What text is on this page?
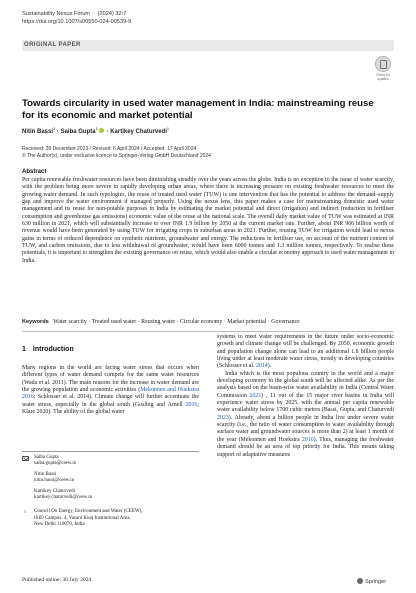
Sustainability Nexus Forum (2024) 32:7
https://doi.org/10.1007/s00550-024-00539-9
ORIGINAL PAPER
Check for updates
Towards circularity in used water management in India: mainstreaming reuse for its economic and market potential
Nitin Bassi$^1$ · Saiba Gupta$^1$ · Kartikey Chaturvedi$^1$
Received: 28 December 2023 / Revised: 6 April 2024 / Accepted: 17 April 2024
© The Author(s), under exclusive licence to Springer-Verlag GmbH Deutschland 2024
Abstract
Per capita renewable freshwater resources have been diminishing steadily over the years across the globe. India is no exception to the issue of water scarcity, with the problem being more severe in rapidly developing urban areas, where there is increasing pressure on existing freshwater resources to meet the growing water demand. In such typologies, the reuse of treated used water (TUW) is one intervention that has the potential to address the demand–supply gap and improve the water environment if managed properly. Using the nexus lens, this paper makes a case for mainstreaming domestic used water management and its reuse for non-potable purposes in India by estimating the market potential and direct (irrigation) and indirect (reduction in fertiliser consumption and greenhouse gas emissions) economic value of the reuse at the national scale. The overall daily market value of TUW was estimated at INR 630 million in 2021, which will substantially increase to over INR 1.9 billion by 2050 at the current market rate. Further, about INR 966 billion worth of revenue would have been generated by using TUW for irrigating crops in suburban areas in 2021. Further, reusing TUW for irrigation would lead to nexus gains in terms of reduced dependence on synthetic nutrients, groundwater and energy. The reductions in fertiliser use, on account of the nutrient content of TUW, and carbon emissions, due to less withdrawal of groundwater, would have been 6000 tonnes and 1.3 million tonnes, respectively. To realise these potentials, it is important to strengthen the existing governance on reuse, which would also enable a circular economy approach to used water management in India.
Keywords Water scarcity · Treated used water · Reusing water · Circular economy · Market potential · Governance
1 Introduction

Many regions in the world are facing water stress that occurs when different types of water demand compete for the same water resources (Wada et al. 2011). The main reasons for the increase in water demand are the growing population and economic activities (Mekonnen and Hoekstra 2016; Schlosser et al. 2014). Climate change will further accentuate the water stress, especially in the global south (Gosling and Arnell 2016; Klare 2020). The ability of the global water

Saiba Gupta
saiba.gupta@ceew.in
Nitin Bassi
nitin.bassi@ceew.in
Kartikey Chaturvedi
kartikey.chaturvedi@ceew.in
1 Council On Energy, Environment and Water (CEEW),
ISID Campus, 4, Vasant Kunj Institutional Area,
New Delhi 110070, India

systems to meet water requirements in the future under socio-economic growth and climate change will be challenged. By 2050, economic growth and population change alone can lead to an additional 1.8 billion people living under at least moderate water stress, mostly in developing countries (Schlosser et al. 2014).

India which is the most populous country in the world and a major developing economy in the global south will be affected alike. As per the analysis based on the basin-wise water availability in India (Central Water Commission 2021) , 11 out of the 15 major river basins in India will experience water stress by 2025, with the annual per capita renewable water availability below 1700 cubic metres (Bassi, Gupta, and Chaturvedi 2023). Already, about a billion people in India live under severe water scarcity (i.e., the ratio of water consumption to water availability through surface water and groundwater sources is more than 2) at least 1 month of the year (Mekonnen and Hoekstra 2016). Thus, managing the freshwater demand should be an area of top priority for India. This means taking support of adaptative measures

Published online: 30 July 2024	Springer
